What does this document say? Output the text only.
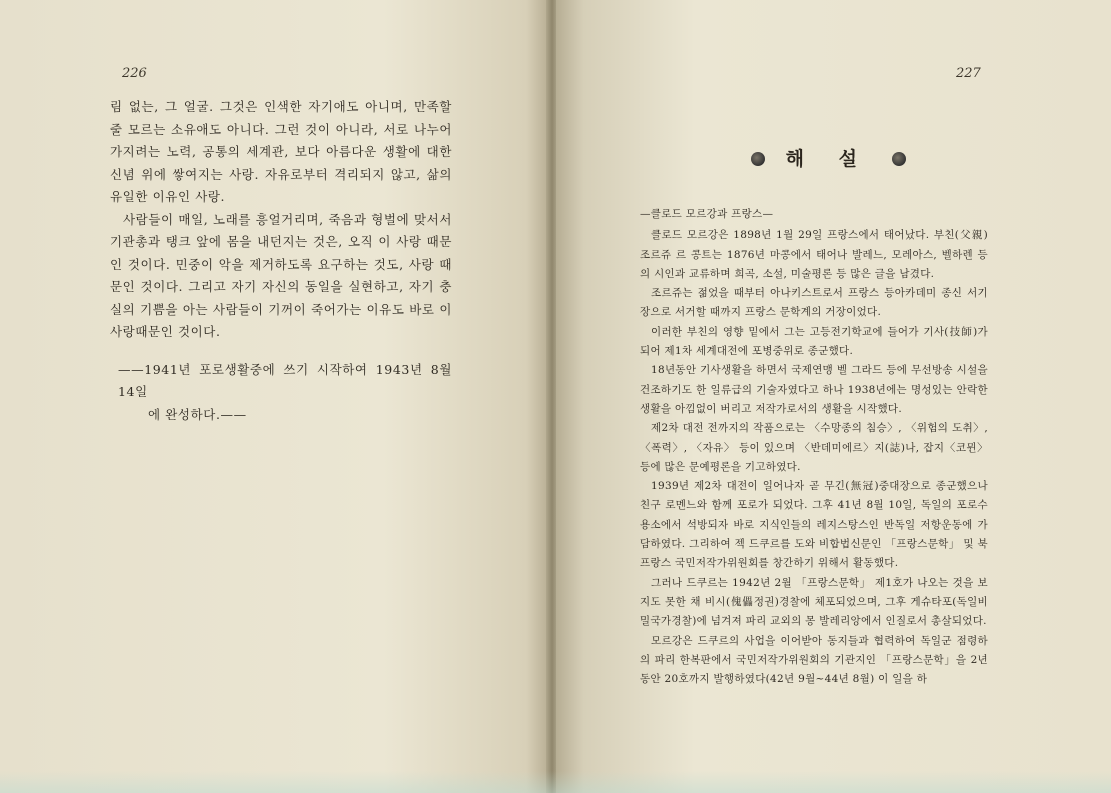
226

림 없는, 그 얼굴. 그것은 인색한 자기애도 아니며, 만족할 줄 모르는 소유애도 아니다. 그런 것이 아니라, 서로 나누어 가지려는 노력, 공통의 세계관, 보다 아름다운 생활에 대한 신념 위에 쌓여지는 사랑. 자유로부터 격리되지 않고, 삶의 유일한 이유인 사랑.

사람들이 매일, 노래를 흥얼거리며, 죽음과 형벌에 맞서서 기관총과 탱크 앞에 몸을 내던지는 것은, 오직 이 사랑 때문인 것이다. 민중이 악을 제거하도록 요구하는 것도, 사랑 때문인 것이다. 그리고 자기 자신의 동일을 실현하고, 자기 충실의 기쁨을 아는 사람들이 기꺼이 죽어가는 이유도 바로 이 사랑때문인 것이다.

——1941년 포로생활중에 쓰기 시작하여 1943년 8월 14일
에 완성하다.——
227
해 설
—클로드 모르강과 프랑스—

클로드 모르강은 1898년 1월 29일 프랑스에서 태어났다. 부친(父親)조르쥬 르 콩트는 1876년 마콩에서 태어나 발레느, 모레아스, 벨하렌 등의 시인과 교류하며 희곡, 소설, 미술평론 등 많은 글을 남겼다.

조르쥬는 젊었을 때부터 아나키스트로서 프랑스 등아카데미 종신 서기장으로 서거할 때까지 프랑스 문학계의 거장이었다.

이러한 부친의 영향 밑에서 그는 고등전기학교에 들어가 기사(技師)가 되어 제1차 세계대전에 포병중위로 종군했다.

18년동안 기사생활을 하면서 국제연맹 벨 그라드 등에 무선방송 시설을 건조하기도 한 일류급의 기술자였다고 하나 1938년에는 명성있는 안락한 생활을 아낌없이 버리고 저작가로서의 생활을 시작했다.

제2차 대전 전까지의 작품으로는 〈수망종의 침승〉, 〈위험의 도취〉, 〈폭력〉, 〈자유〉 등이 있으며 〈반데미에르〉지(誌)나, 잡지〈코뮌〉등에 많은 문예평론을 기고하였다.

1939년 제2차 대전이 일어나자 곧 무긴(無冠)중대장으로 종군했으나 친구 로멘느와 함께 포로가 되었다. 그후 41년 8월 10일, 독일의 포로수용소에서 석방되자 바로 지식인들의 레지스탕스인 반독일 저항운동에 가담하였다. 그리하여 젝 드쿠르를 도와 비합법신문인 「프랑스문학」 및 북프랑스 국민저작가위원회를 창간하기 위해서 활동했다.

그러나 드쿠르는 1942년 2월 「프랑스문학」 제1호가 나오는 것을 보지도 못한 채 비시(傀儡정권)경찰에 체포되었으며, 그후 게슈타포(독일비밀국가경찰)에 넘겨져 파리 교외의 몽 발레리앙에서 인질로서 총살되었다.

모르강은 드쿠르의 사업을 이어받아 동지들과 협력하여 독일군 점령하의 파리 한복판에서 국민저작가위원회의 기관지인 「프랑스문학」을 2년동안 20호까지 발행하였다(42년 9월~44년 8월) 이 일을 하
